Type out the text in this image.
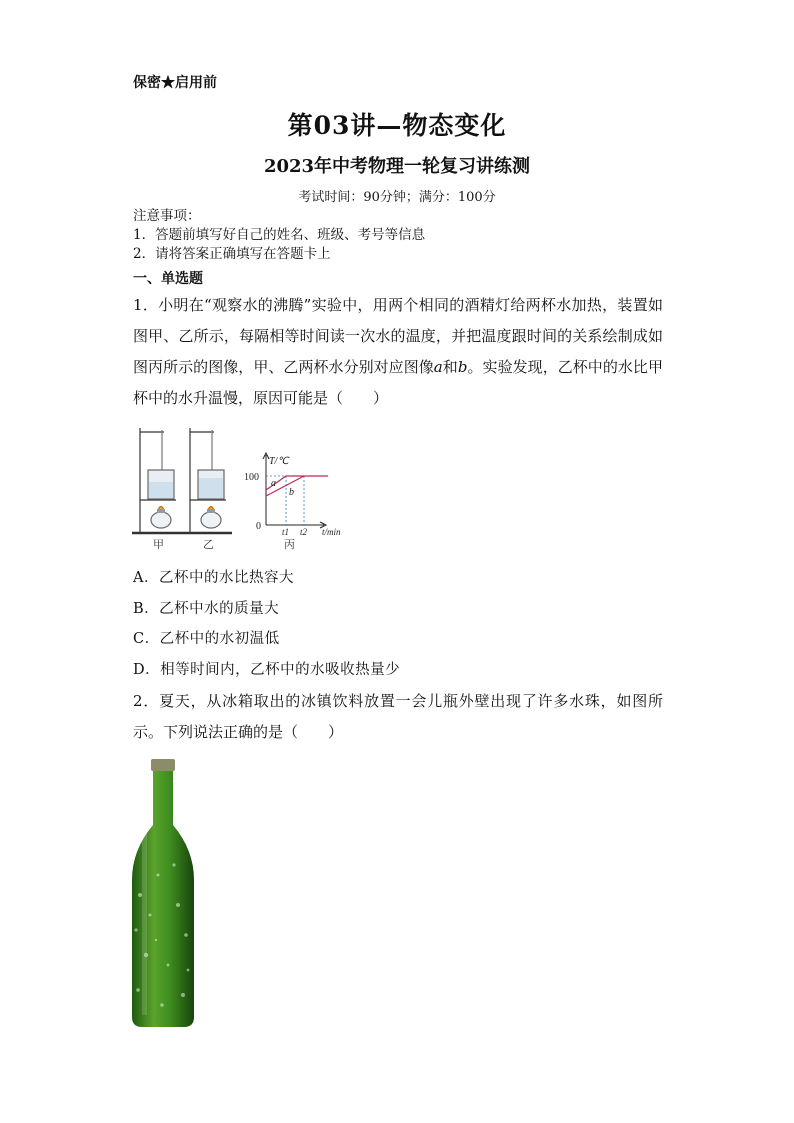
保密★启用前
第03讲—物态变化
2023年中考物理一轮复习讲练测
考试时间：90分钟；满分：100分
注意事项：
1．答题前填写好自己的姓名、班级、考号等信息
2．请将答案正确填写在答题卡上
一、单选题
1．小明在“观察水的沸腾”实验中，用两个相同的酒精灯给两杯水加热，装置如图甲、乙所示，每隔相等时间读一次水的温度，并把温度跟时间的关系绘制成如图丙所示的图像，甲、乙两杯水分别对应图像a和b。实验发现，乙杯中的水比甲杯中的水升温慢，原因可能是（　　）
甲	乙
T/℃
100
0
a
b
t1 t2 t/min
丙
A．乙杯中的水比热容大
B．乙杯中水的质量大
C．乙杯中的水初温低
D．相等时间内，乙杯中的水吸收热量少
2．夏天，从冰箱取出的冰镇饮料放置一会儿瓶外壁出现了许多水珠，如图所示。下列说法正确的是（　　）
